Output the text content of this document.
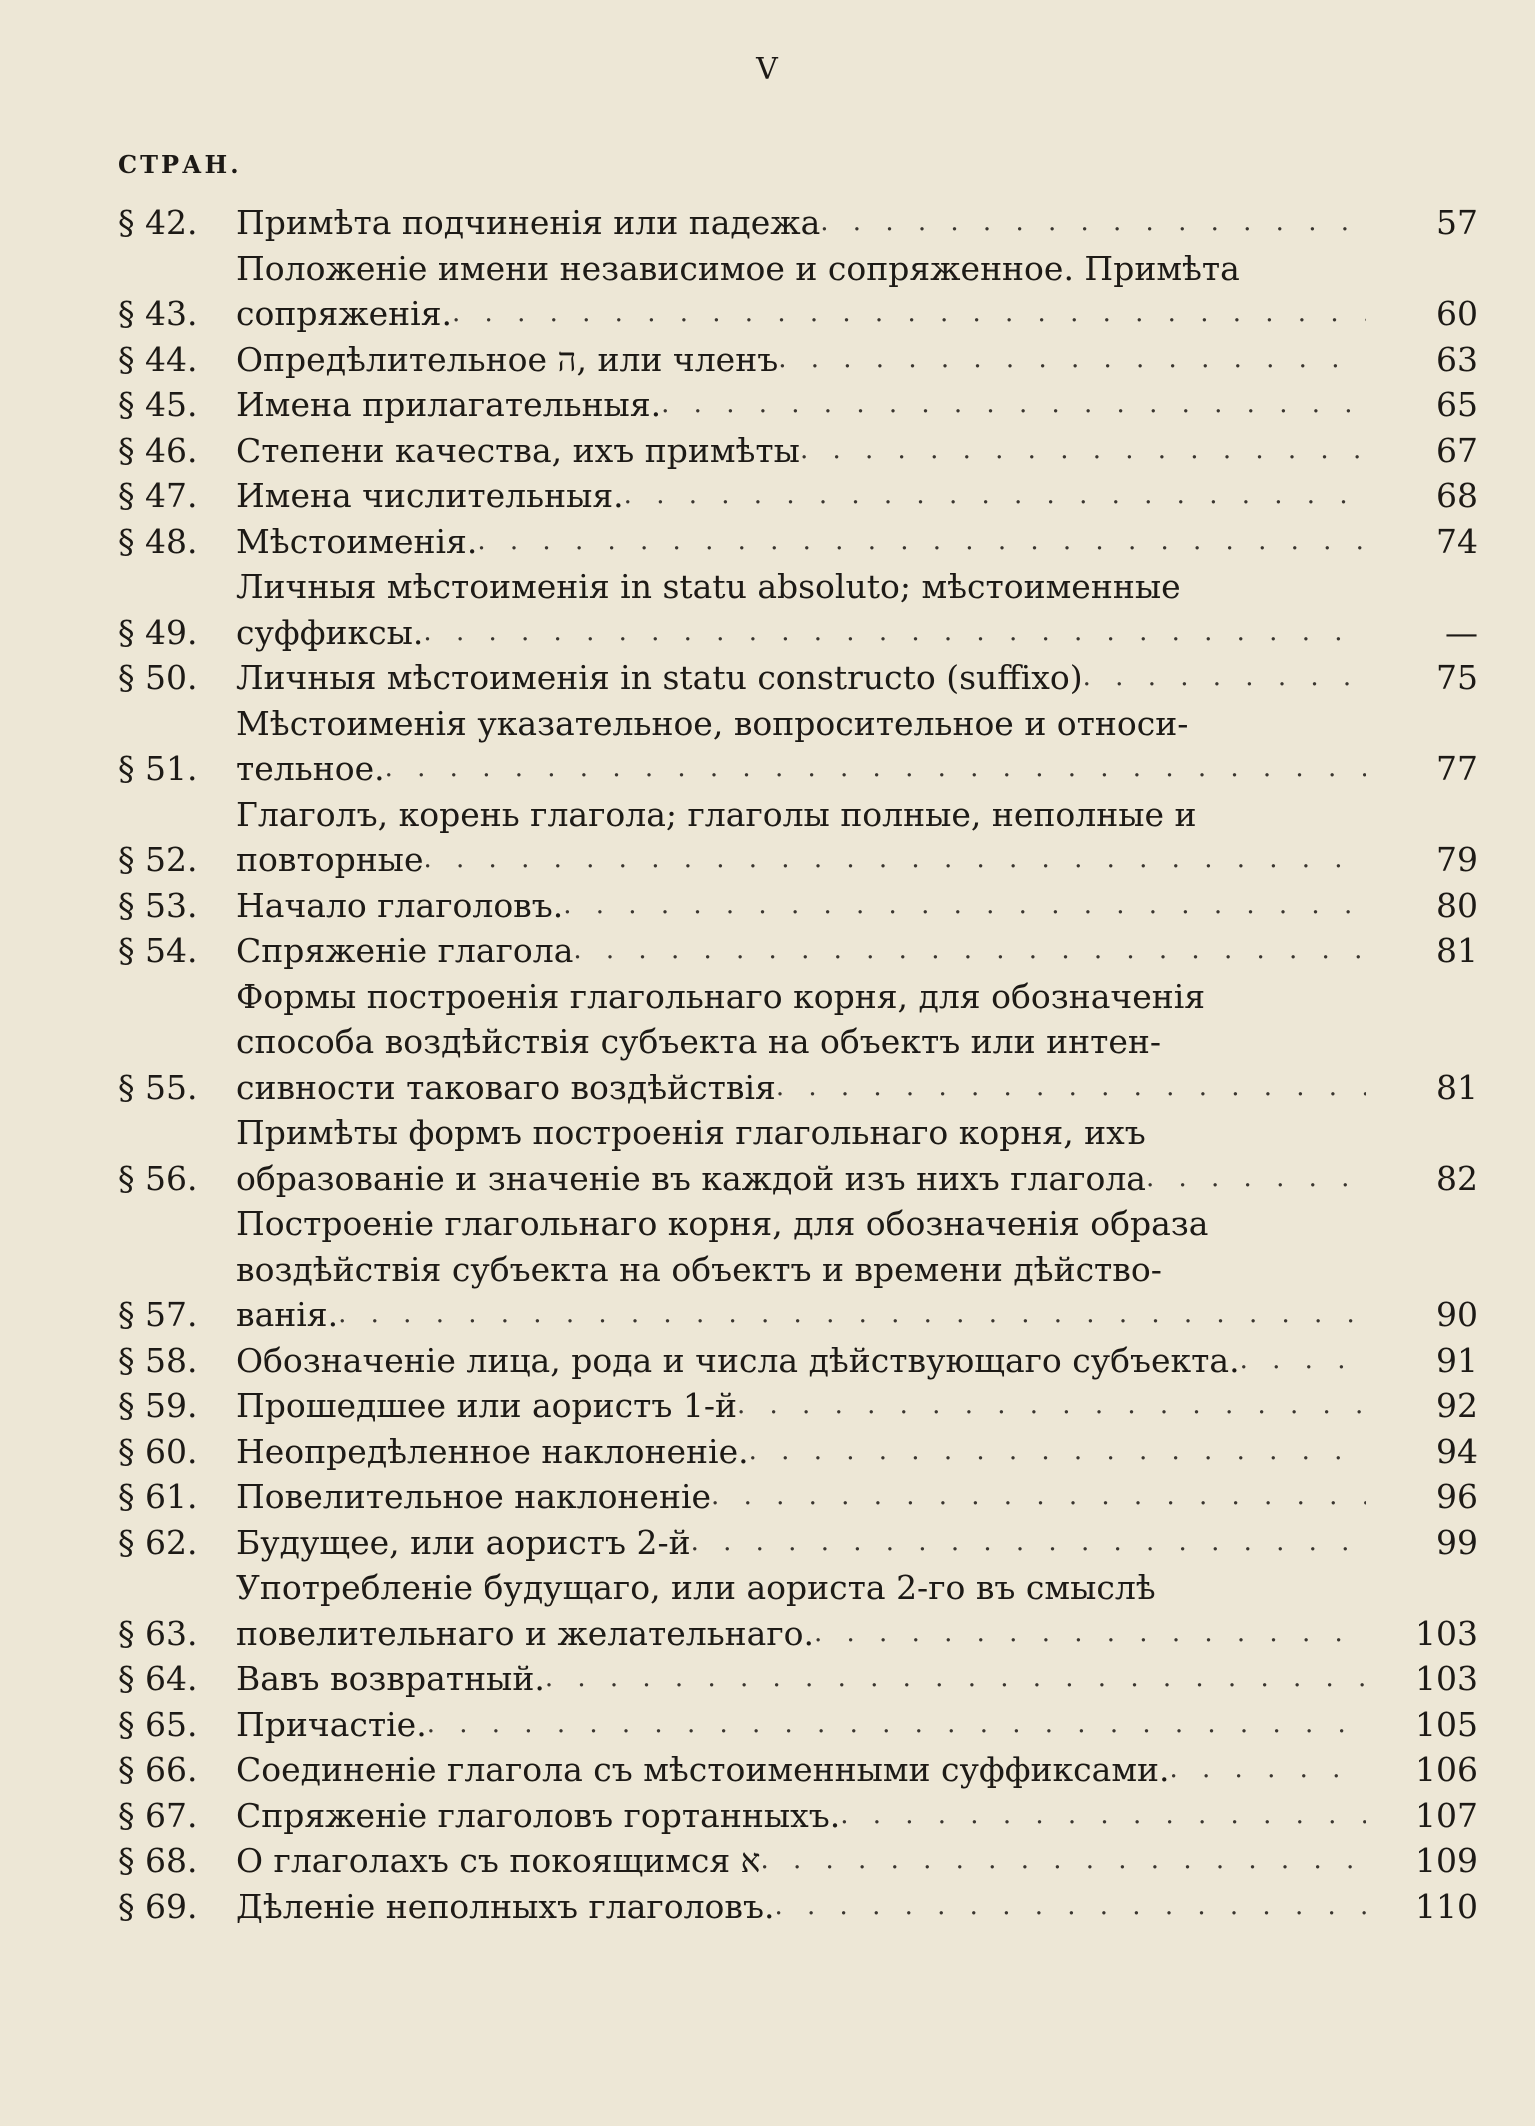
V
СТРАН.
§ 42.	Примѣта подчиненія или падежа . . .	57
§ 43.
Положеніе имени независимое и сопряженное. Примѣта
сопряженія. . . .	60
§ 44.	Опредѣлительное ה, или членъ . . .	63
§ 45.	Имена прилагательныя. . . .	65
§ 46.	Степени качества, ихъ примѣты . . .	67
§ 47.	Имена числительныя. . . .	68
§ 48.	Мѣстоименія. . . .	74
§ 49.
Личныя мѣстоименія in statu absoluto; мѣстоименные
суффиксы. . . .	—
§ 50.	Личныя мѣстоименія in statu constructo (suffixo) . . .	75
§ 51.
Мѣстоименія указательное, вопросительное и относи-
тельное. . . .	77
§ 52.
Глаголъ, корень глагола; глаголы полные, неполные и
повторные . . .	79
§ 53.	Начало глаголовъ. . . .	80
§ 54.	Спряженіе глагола . . .	81
§ 55.
Формы построенія глагольнаго корня, для обозначенія
способа воздѣйствія субъекта на объектъ или интен-
сивности таковаго воздѣйствія . . .	81
§ 56.
Примѣты формъ построенія глагольнаго корня, ихъ
образованіе и значеніе въ каждой изъ нихъ глагола . . .	82
§ 57.
Построеніе глагольнаго корня, для обозначенія образа
воздѣйствія субъекта на объектъ и времени дѣйство-
ванія. . . .	90
§ 58.	Обозначеніе лица, рода и числа дѣйствующаго субъекта. . . .	91
§ 59.	Прошедшее или аористъ 1-й . . .	92
§ 60.	Неопредѣленное наклоненіе. . . .	94
§ 61.	Повелительное наклоненіе . . .	96
§ 62.	Будущее, или аористъ 2-й . . .	99
§ 63.
Употребленіе будущаго, или аориста 2-го въ смыслѣ
повелительнаго и желательнаго. . . .	103
§ 64.	Вавъ возвратный. . . .	103
§ 65.	Причастіе. . . .	105
§ 66.	Соединеніе глагола съ мѣстоименными суффиксами. . . .	106
§ 67.	Спряженіе глаголовъ гортанныхъ. . . .	107
§ 68.	О глаголахъ съ покоящимся א . . .	109
§ 69.	Дѣленіе неполныхъ глаголовъ. . . .	110
